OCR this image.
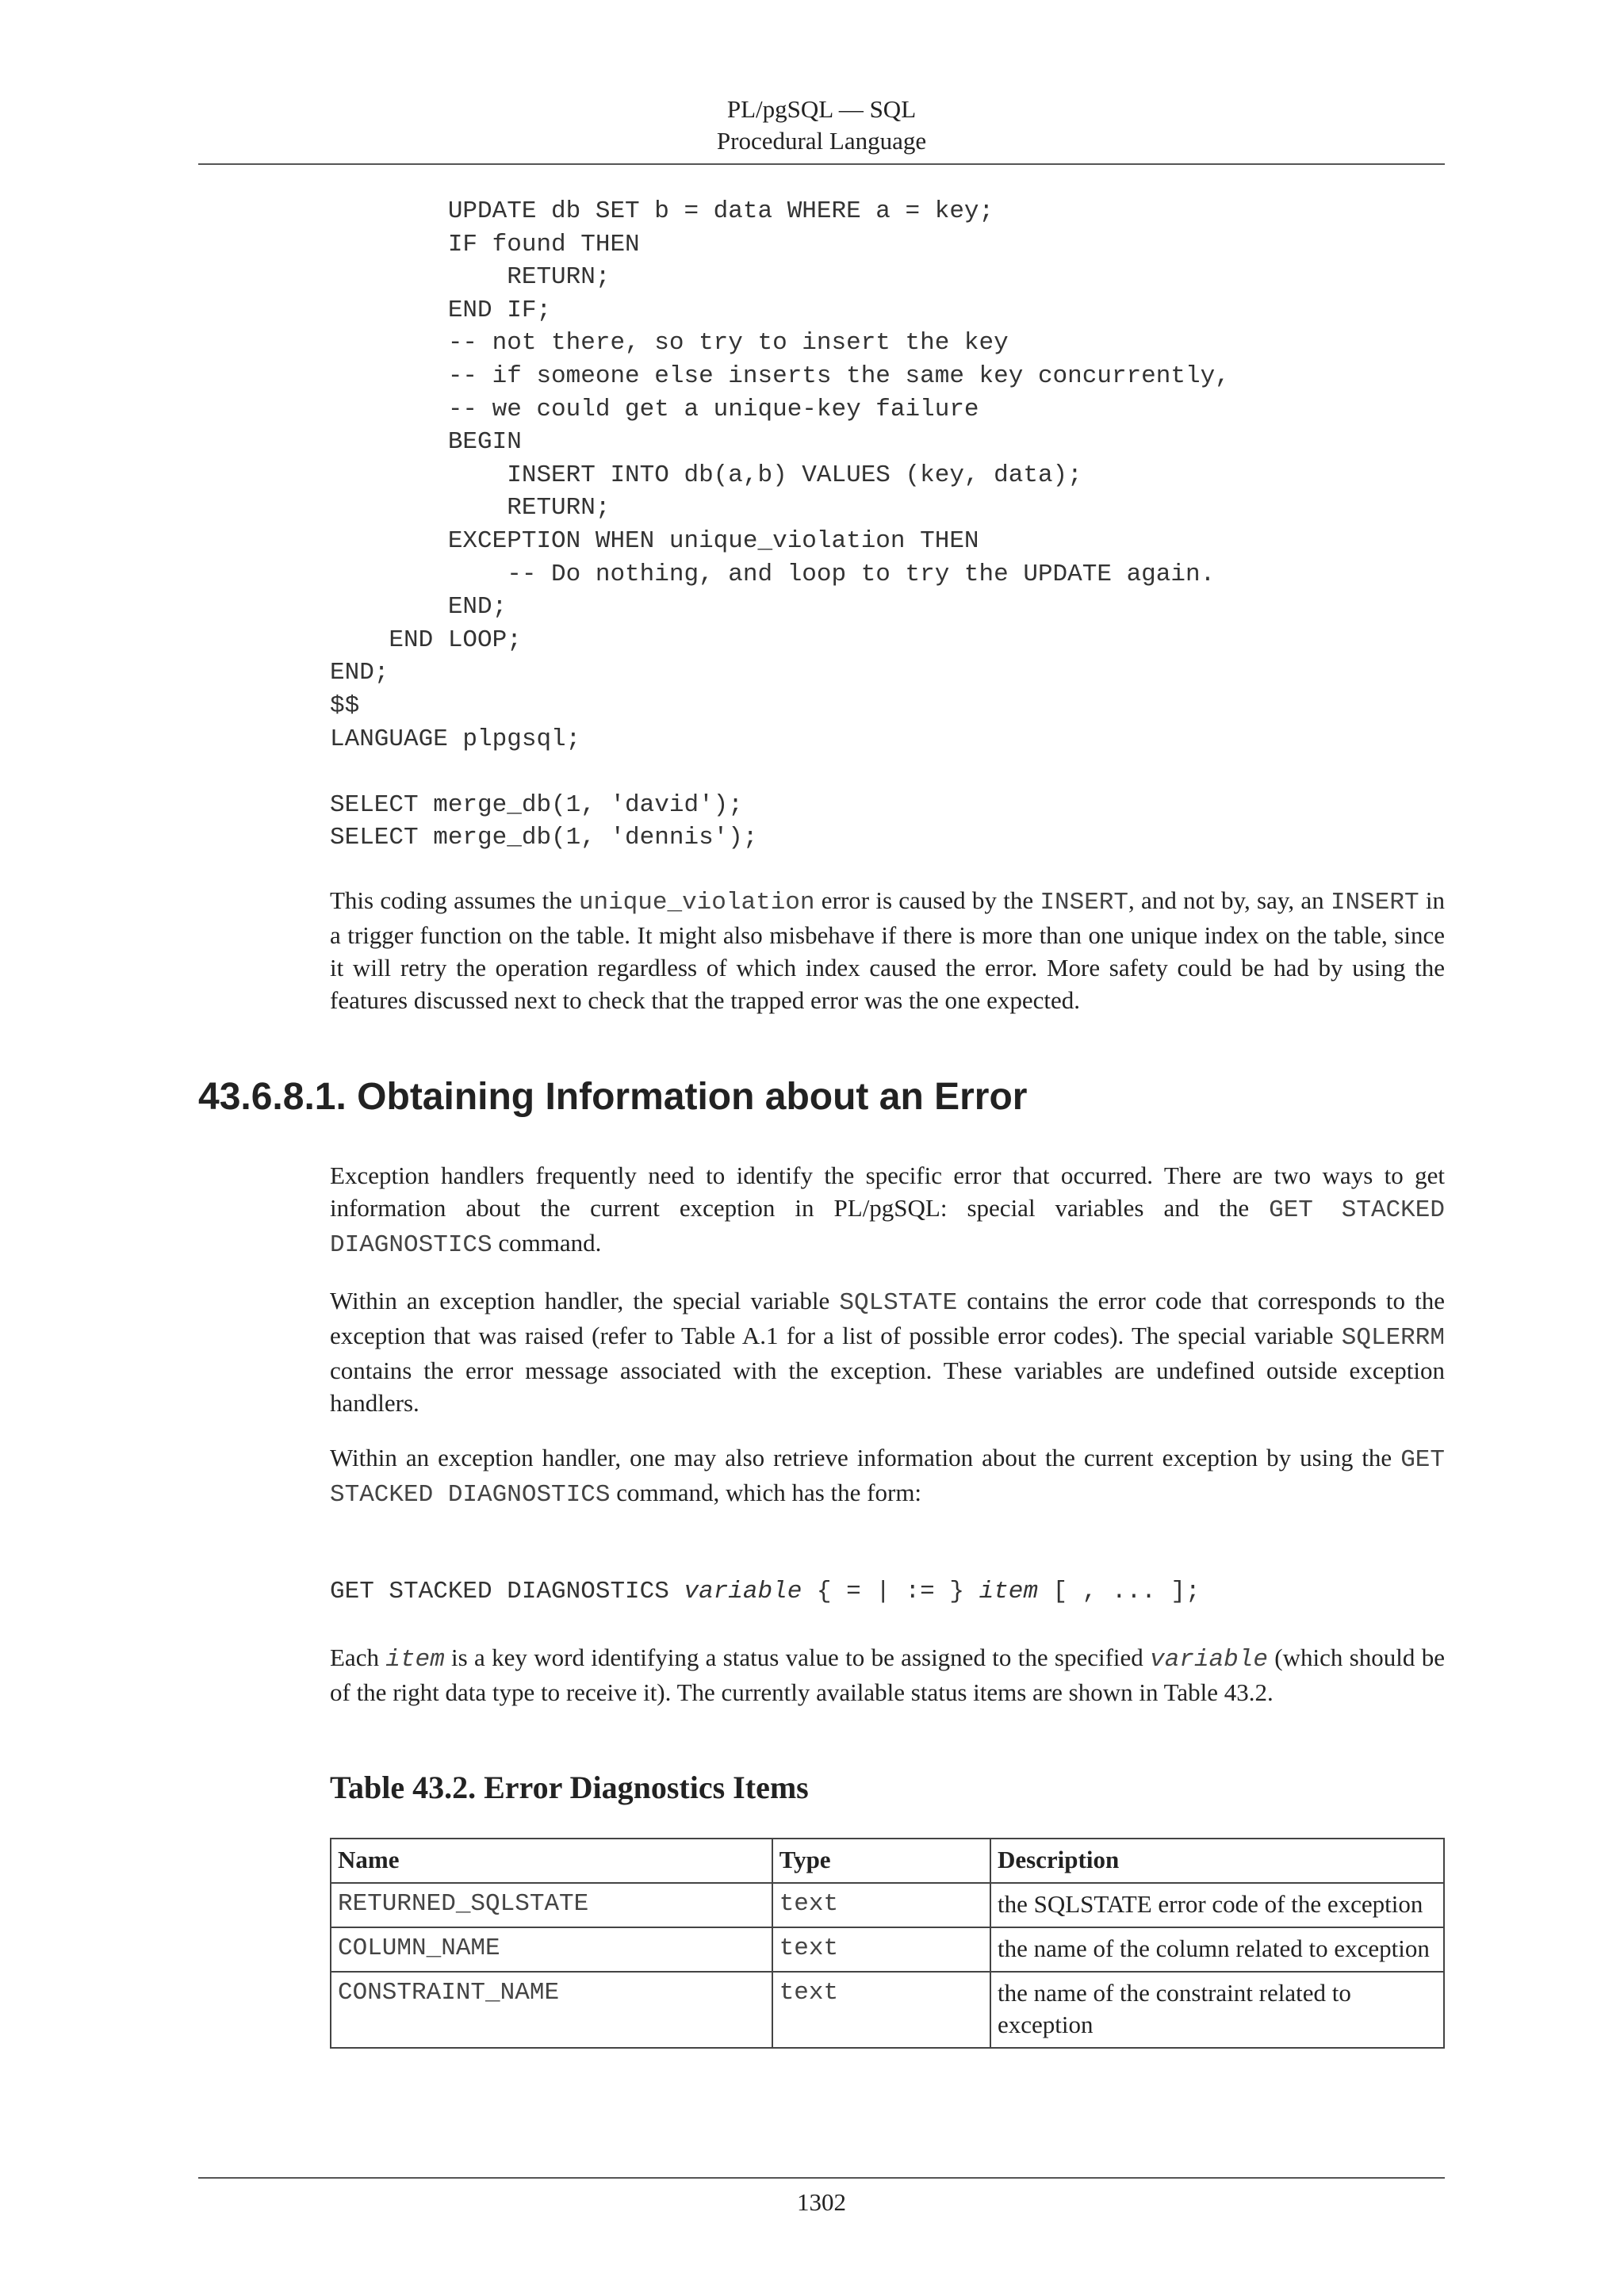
PL/pgSQL — SQL
Procedural Language
UPDATE db SET b = data WHERE a = key;
IF found THEN
RETURN;
END IF;
-- not there, so try to insert the key
-- if someone else inserts the same key concurrently,
-- we could get a unique-key failure
BEGIN
INSERT INTO db(a,b) VALUES (key, data);
RETURN;
EXCEPTION WHEN unique_violation THEN
-- Do nothing, and loop to try the UPDATE again.
END;
END LOOP;
END;
$$
LANGUAGE plpgsql;

SELECT merge_db(1, 'david');
SELECT merge_db(1, 'dennis');

This coding assumes the unique_violation error is caused by the INSERT, and not by, say, an INSERT in a trigger function on the table. It might also misbehave if there is more than one unique index on the table, since it will retry the operation regardless of which index caused the error. More safety could be had by using the features discussed next to check that the trapped error was the one expected.

43.6.8.1. Obtaining Information about an Error

Exception handlers frequently need to identify the specific error that occurred. There are two ways to get information about the current exception in PL/pgSQL: special variables and the GET STACKED DIAGNOSTICS command.

Within an exception handler, the special variable SQLSTATE contains the error code that corresponds to the exception that was raised (refer to Table A.1 for a list of possible error codes). The special variable SQLERRM contains the error message associated with the exception. These variables are undefined outside exception handlers.

Within an exception handler, one may also retrieve information about the current exception by using the GET STACKED DIAGNOSTICS command, which has the form:

GET STACKED DIAGNOSTICS variable { = | := } item [ , ... ];

Each item is a key word identifying a status value to be assigned to the specified variable (which should be of the right data type to receive it). The currently available status items are shown in Table 43.2.

Table 43.2. Error Diagnostics Items
Name	Type	Description
RETURNED_SQLSTATE	text	the SQLSTATE error code of the exception
COLUMN_NAME	text	the name of the column related to exception
CONSTRAINT_NAME	text	the name of the constraint related to exception
1302
